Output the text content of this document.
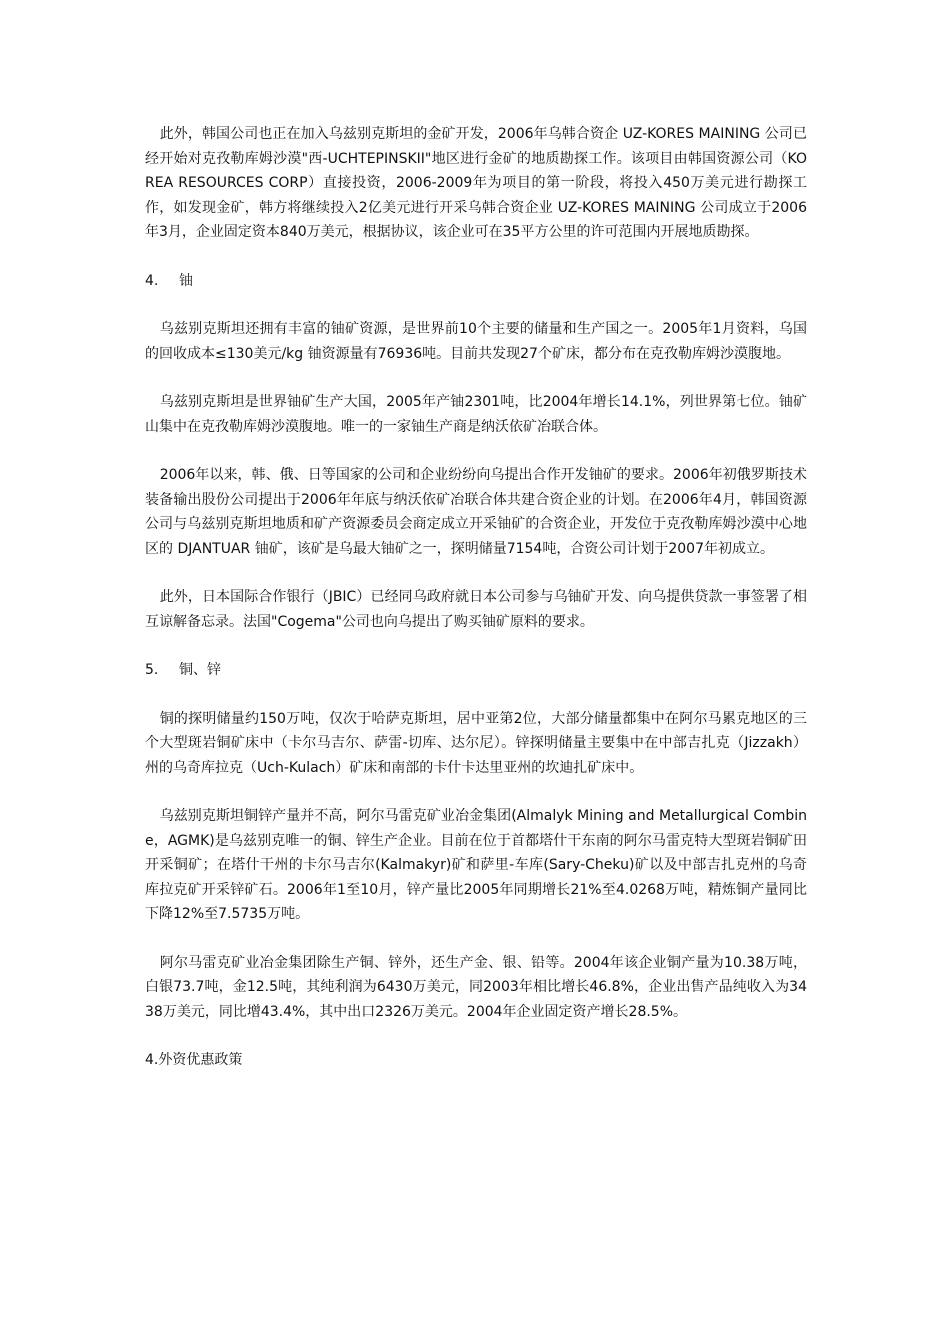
此外，韩国公司也正在加入乌兹别克斯坦的金矿开发，2006年乌韩合资企 UZ-KORES MAINING 公司已经开始对克孜勒库姆沙漠"西-UCHTEPINSKII"地区进行金矿的地质勘探工作。该项目由韩国资源公司（KOREA RESOURCES CORP）直接投资，2006-2009年为项目的第一阶段，将投入450万美元进行勘探工作，如发现金矿，韩方将继续投入2亿美元进行开采乌韩合资企业 UZ-KORES MAINING 公司成立于2006年3月，企业固定资本840万美元，根据协议，该企业可在35平方公里的许可范围内开展地质勘探。

4.	铀

乌兹别克斯坦还拥有丰富的铀矿资源，是世界前10个主要的储量和生产国之一。2005年1月资料，乌国的回收成本≤130美元/kg 铀资源量有76936吨。目前共发现27个矿床，都分布在克孜勒库姆沙漠腹地。

乌兹别克斯坦是世界铀矿生产大国，2005年产铀2301吨，比2004年增长14.1%，列世界第七位。铀矿山集中在克孜勒库姆沙漠腹地。唯一的一家铀生产商是纳沃依矿冶联合体。

2006年以来，韩、俄、日等国家的公司和企业纷纷向乌提出合作开发铀矿的要求。2006年初俄罗斯技术装备输出股份公司提出于2006年年底与纳沃依矿冶联合体共建合资企业的计划。在2006年4月，韩国资源公司与乌兹别克斯坦地质和矿产资源委员会商定成立开采铀矿的合资企业，开发位于克孜勒库姆沙漠中心地区的 DJANTUAR 铀矿，该矿是乌最大铀矿之一，探明储量7154吨，合资公司计划于2007年初成立。

此外，日本国际合作银行（JBIC）已经同乌政府就日本公司参与乌铀矿开发、向乌提供贷款一事签署了相互谅解备忘录。法国"Cogema"公司也向乌提出了购买铀矿原料的要求。

5.	铜、锌

铜的探明储量约150万吨，仅次于哈萨克斯坦，居中亚第2位，大部分储量都集中在阿尔马累克地区的三个大型斑岩铜矿床中（卡尔马吉尔、萨雷-切库、达尔尼）。锌探明储量主要集中在中部吉扎克（Jizzakh）州的乌奇库拉克（Uch-Kulach）矿床和南部的卡什卡达里亚州的坎迪扎矿床中。

乌兹别克斯坦铜锌产量并不高，阿尔马雷克矿业冶金集团(Almalyk Mining and Metallurgical Combine，AGMK)是乌兹别克唯一的铜、锌生产企业。目前在位于首都塔什干东南的阿尔马雷克特大型斑岩铜矿田开采铜矿；在塔什干州的卡尔马吉尔(Kalmakyr)矿和萨里-车库(Sary-Cheku)矿以及中部吉扎克州的乌奇库拉克矿开采锌矿石。2006年1至10月，锌产量比2005年同期增长21%至4.0268万吨，精炼铜产量同比下降12%至7.5735万吨。

阿尔马雷克矿业冶金集团除生产铜、锌外，还生产金、银、铅等。2004年该企业铜产量为10.38万吨，白银73.7吨，金12.5吨，其纯利润为6430万美元，同2003年相比增长46.8%，企业出售产品纯收入为3438万美元，同比增43.4%，其中出口2326万美元。2004年企业固定资产增长28.5%。

4.外资优惠政策
